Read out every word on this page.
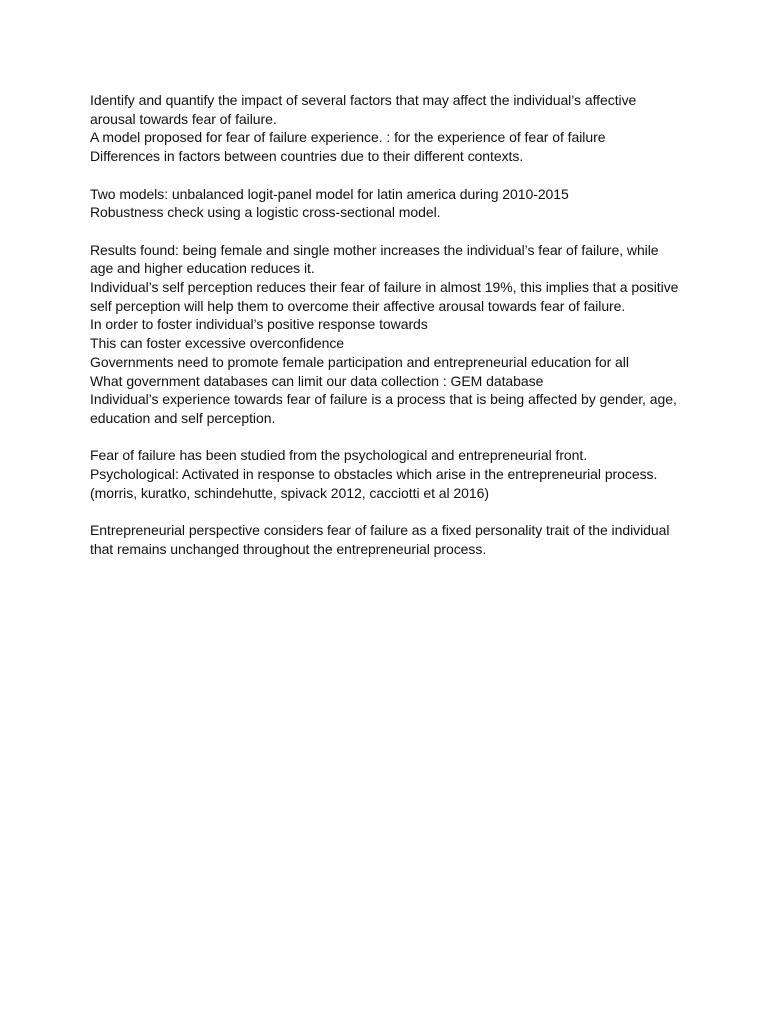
Identify and quantify the impact of several factors that may affect the individual’s affective
arousal towards fear of failure.
A model proposed for fear of failure experience. : for the experience of fear of failure
Differences in factors between countries due to their different contexts.
Two models: unbalanced logit-panel model for latin america during 2010-2015
Robustness check using a logistic cross-sectional model.
Results found: being female and single mother increases the individual’s fear of failure, while
age and higher education reduces it.
Individual’s self perception reduces their fear of failure in almost 19%, this implies that a positive
self perception will help them to overcome their affective arousal towards fear of failure.
In order to foster individual’s positive response towards
This can foster excessive overconfidence
Governments need to promote female participation and entrepreneurial education for all
What government databases can limit our data collection : GEM database
Individual’s experience towards fear of failure is a process that is being affected by gender, age,
education and self perception.
Fear of failure has been studied from the psychological and entrepreneurial front.
Psychological: Activated in response to obstacles which arise in the entrepreneurial process.
(morris, kuratko, schindehutte, spivack 2012, cacciotti et al 2016)
Entrepreneurial perspective considers fear of failure as a fixed personality trait of the individual
that remains unchanged throughout the entrepreneurial process.
